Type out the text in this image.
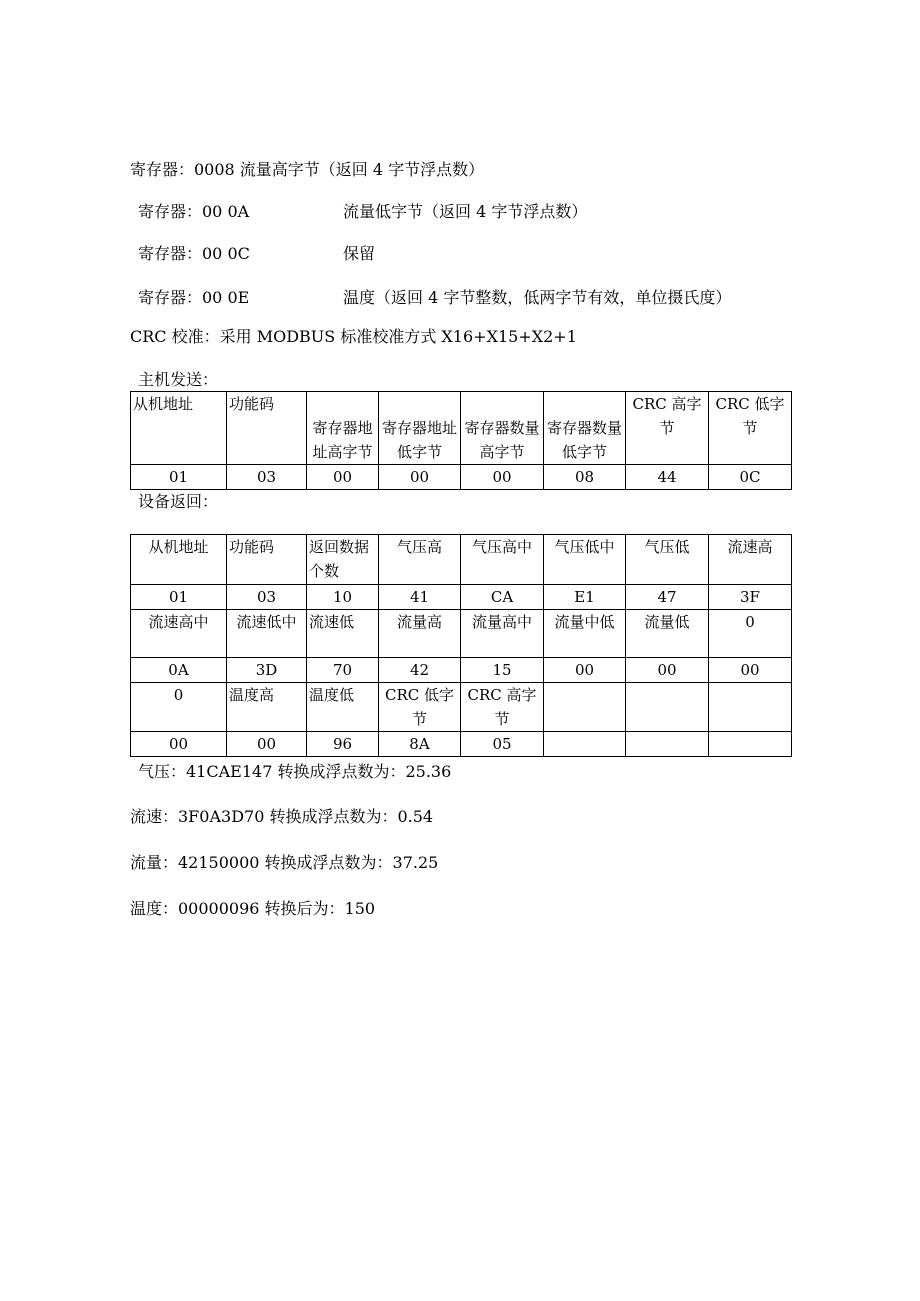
寄存器：0008 流量高字节（返回 4 字节浮点数）
寄存器：00 0A	流量低字节（返回 4 字节浮点数）
寄存器：00 0C	保留
寄存器：00 0E	温度（返回 4 字节整数，低两字节有效，单位摄氏度）
CRC 校准：采用 MODBUS 标准校准方式 X16+X15+X2+1
主机发送：
从机地址	功能码	寄存器地址高字节	寄存器地址低字节	寄存器数量高字节	寄存器数量低字节	CRC 高字节	CRC 低字节
01	03	00	00	00	08	44	0C
设备返回：
从机地址	功能码	返回数据个数	气压高	气压高中	气压低中	气压低	流速高
01	03	10	41	CA	E1	47	3F
流速高中	流速低中	流速低	流量高	流量高中	流量中低	流量低	0
0A	3D	70	42	15	00	00	00
0	温度高	温度低	CRC 低字节	CRC 高字节			
00	00	96	8A	05			
气压：41CAE147 转换成浮点数为：25.36
流速：3F0A3D70 转换成浮点数为：0.54
流量：42150000 转换成浮点数为：37.25
温度：00000096 转换后为：150
